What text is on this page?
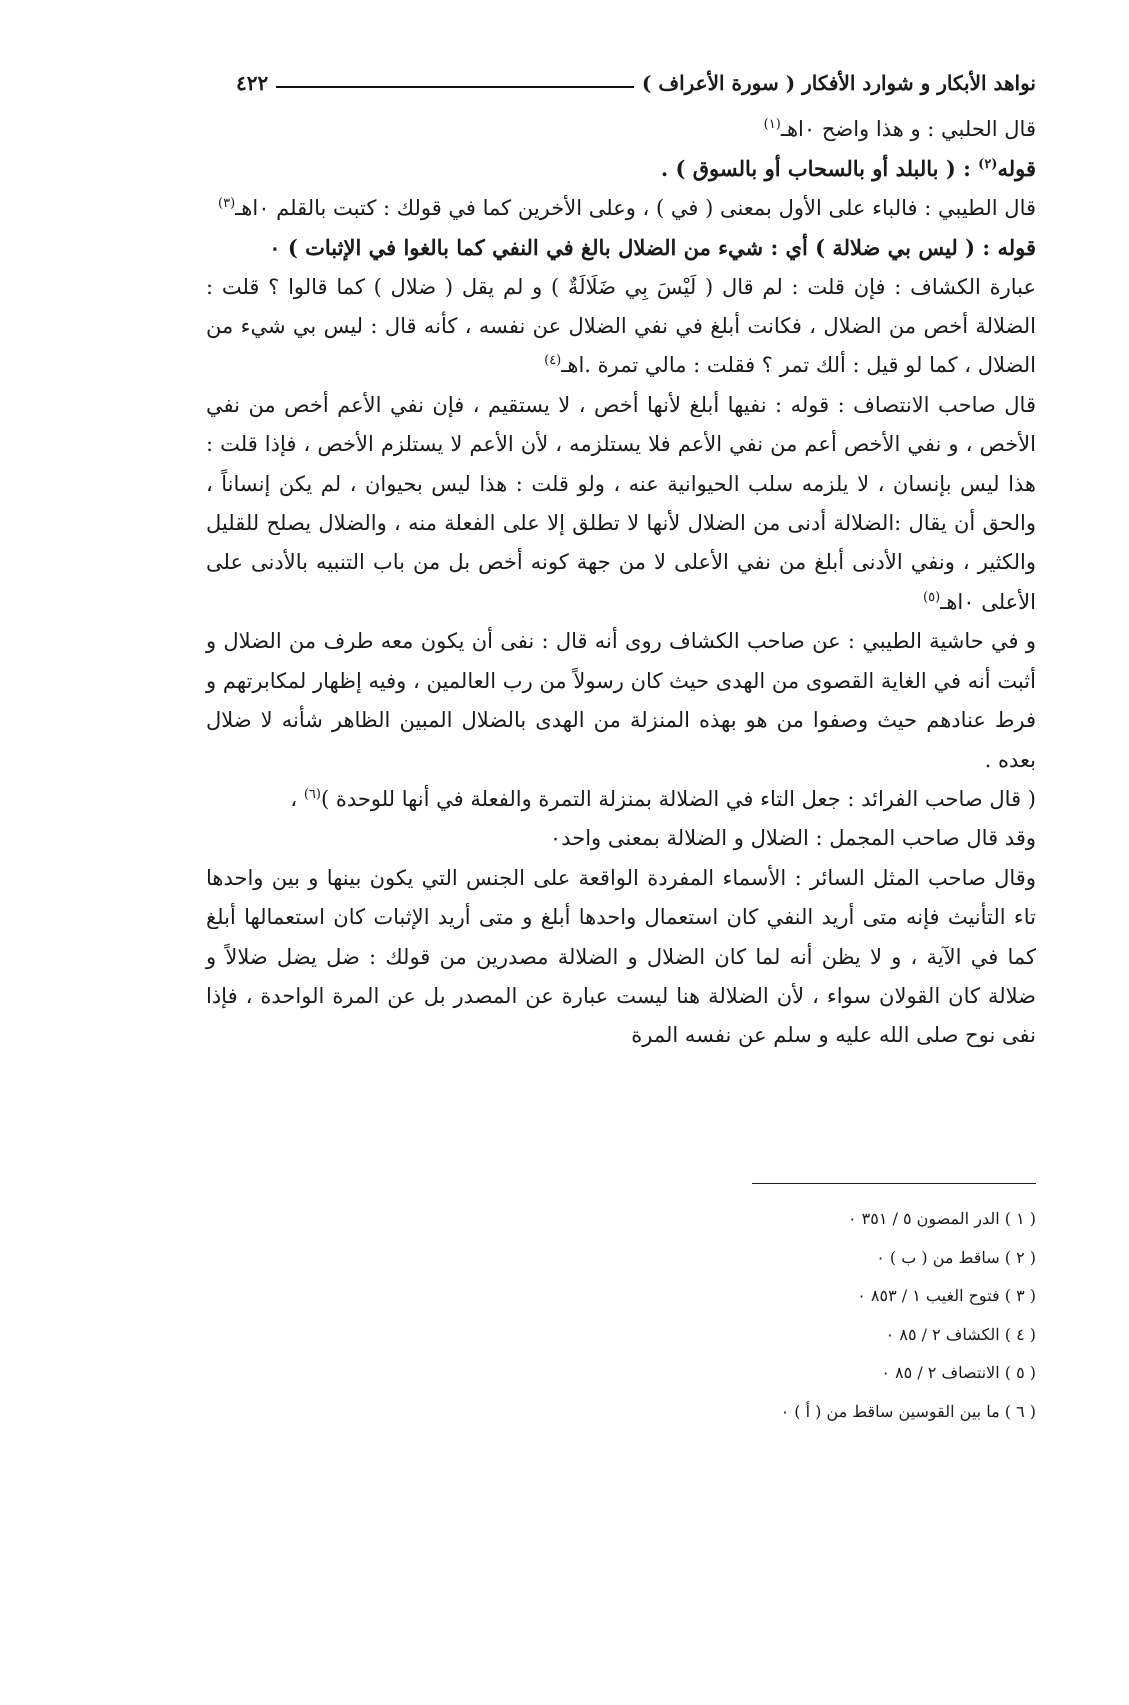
نواهد الأبكار و شوارد الأفكار ( سورة الأعراف )
٤٢٢

قال الحلبي : و هذا واضح ٠اهـ$^{(١)}$

قوله$^{(٢)}$ : ( بالبلد أو بالسحاب أو بالسوق ) .

قال الطيبي : فالباء على الأول بمعنى ( في ) ، وعلى الأخرين كما في قولك : كتبت بالقلم ٠اهـ$^{(٣)}$

قوله : ( ليس بي ضلالة ) أي : شيء من الضلال بالغ في النفي كما بالغوا في الإثبات ) ٠

عبارة الكشاف : فإن قلت : لم قال ( لَيْسَ بِي ضَلَالَةٌ ) و لم يقل ( ضلال ) كما قالوا ؟ قلت : الضلالة أخص من الضلال ، فكانت أبلغ في نفي الضلال عن نفسه ، كأنه قال : ليس بي شيء من الضلال ، كما لو قيل : ألك تمر ؟ فقلت : مالي تمرة .اهـ$^{(٤)}$

قال صاحب الانتصاف : قوله : نفيها أبلغ لأنها أخص ، لا يستقيم ، فإن نفي الأعم أخص من نفي الأخص ، و نفي الأخص أعم من نفي الأعم فلا يستلزمه ، لأن الأعم لا يستلزم الأخص ، فإذا قلت : هذا ليس بإنسان ، لا يلزمه سلب الحيوانية عنه ، ولو قلت : هذا ليس بحيوان ، لم يكن إنساناً ، والحق أن يقال :الضلالة أدنى من الضلال لأنها لا تطلق إلا على الفعلة منه ، والضلال يصلح للقليل والكثير ، ونفي الأدنى أبلغ من نفي الأعلى لا من جهة كونه أخص بل من باب التنبيه بالأدنى على الأعلى ٠اهـ$^{(٥)}$

و في حاشية الطيبي : عن صاحب الكشاف روى أنه قال : نفى أن يكون معه طرف من الضلال و أثبت أنه في الغاية القصوى من الهدى حيث كان رسولاً من رب العالمين ، وفيه إظهار لمكابرتهم و فرط عنادهم حيث وصفوا من هو بهذه المنزلة من الهدى بالضلال المبين الظاهر شأنه لا ضلال بعده .

( قال صاحب الفرائد : جعل التاء في الضلالة بمنزلة التمرة والفعلة في أنها للوحدة )$^{(٦)}$ ،

وقد قال صاحب المجمل : الضلال و الضلالة بمعنى واحد٠

وقال صاحب المثل السائر : الأسماء المفردة الواقعة على الجنس التي يكون بينها و بين واحدها تاء التأنيث فإنه متى أريد النفي كان استعمال واحدها أبلغ و متى أريد الإثبات كان استعمالها أبلغ كما في الآية ، و لا يظن أنه لما كان الضلال و الضلالة مصدرين من قولك : ضل يضل ضلالاً و ضلالة كان القولان سواء ، لأن الضلالة هنا ليست عبارة عن المصدر بل عن المرة الواحدة ، فإذا نفى نوح صلى الله عليه و سلم عن نفسه المرة

( ١ ) الدر المصون ٥ / ٣٥١ ٠
( ٢ ) ساقط من ( ب ) ٠
( ٣ ) فتوح الغيب ١ / ٨٥٣ ٠
( ٤ ) الكشاف ٢ / ٨٥ ٠
( ٥ ) الانتصاف ٢ / ٨٥ ٠
( ٦ ) ما بين القوسين ساقط من ( أ ) ٠
